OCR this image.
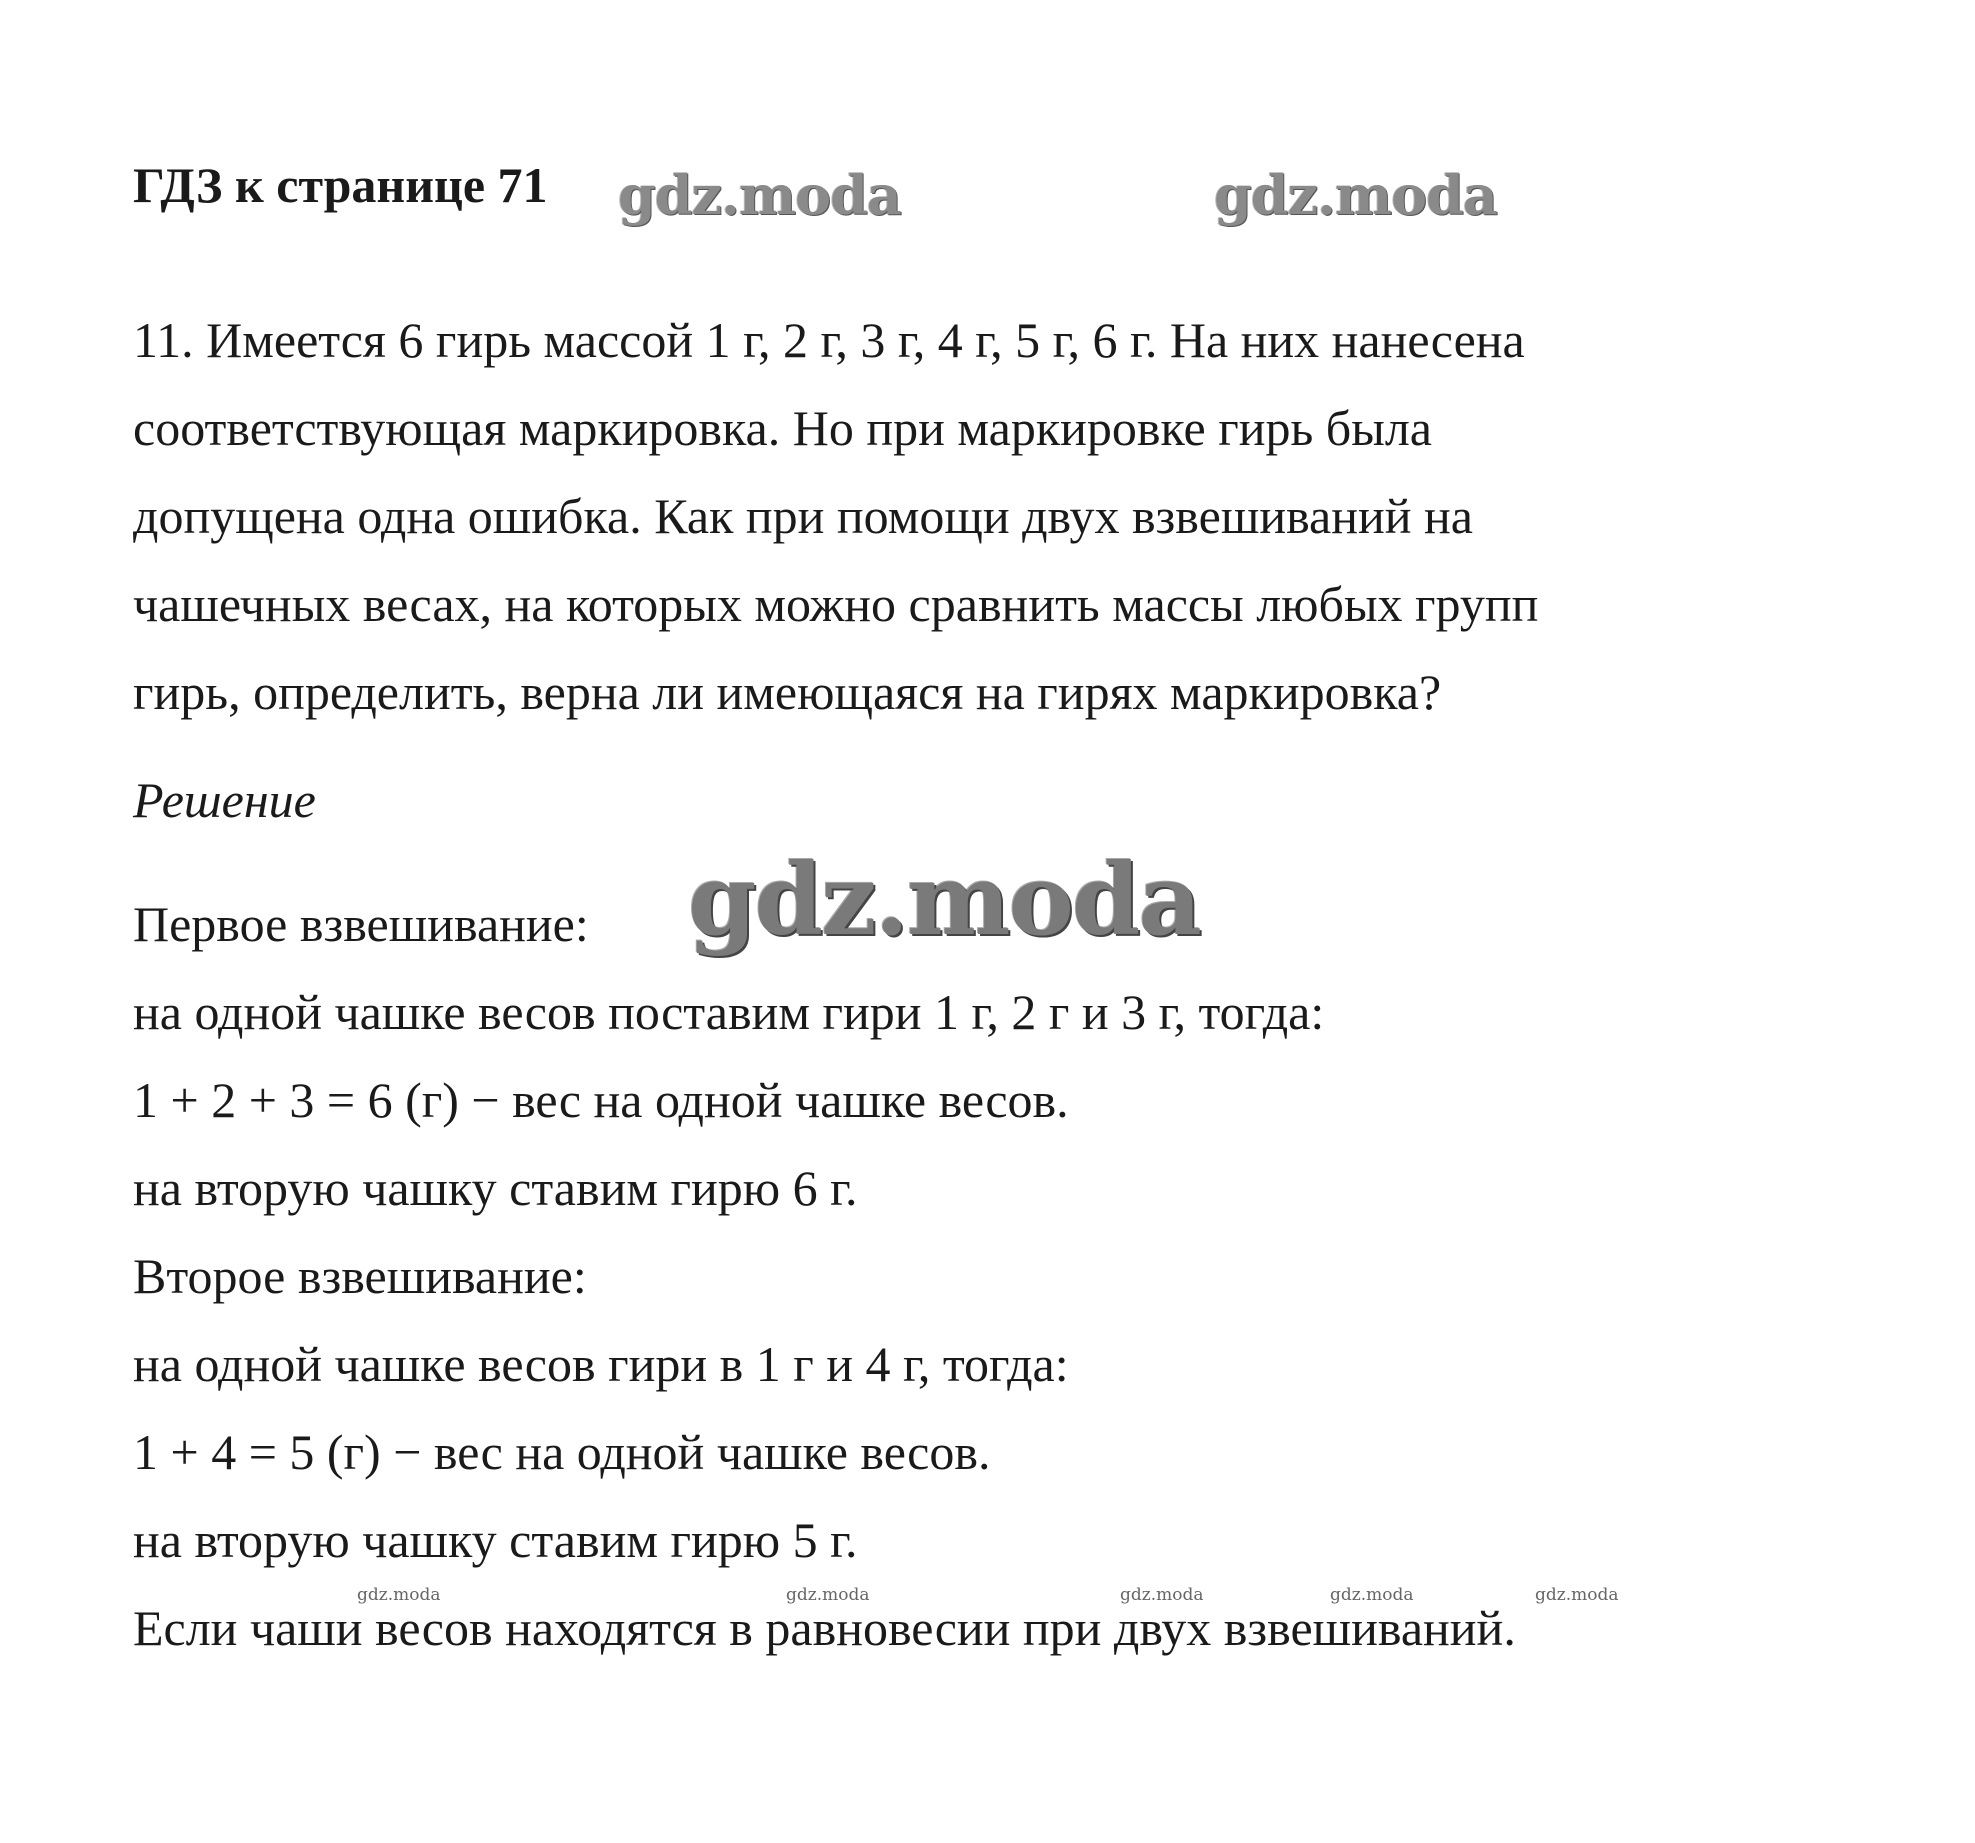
ГДЗ к странице 71 gdz.moda	gdz.moda
gdz.moda
11. Имеется 6 гирь массой 1 г, 2 г, 3 г, 4 г, 5 г, 6 г. На них нанесена
соответствующая маркировка. Но при маркировке гирь была
допущена одна ошибка. Как при помощи двух взвешиваний на
чашечных весах, на которых можно сравнить массы любых групп
гирь, определить, верна ли имеющаяся на гирях маркировка?
Решение
Первое взвешивание:
на одной чашке весов поставим гири 1 г, 2 г и 3 г, тогда:
1 + 2 + 3 = 6 (г) − вес на одной чашке весов.
на вторую чашку ставим гирю 6 г.
Второе взвешивание:
на одной чашке весов гири в 1 г и 4 г, тогда:
1 + 4 = 5 (г) − вес на одной чашке весов.
на вторую чашку ставим гирю 5 г.
Если чаши весов находятся в равновесии при двух взвешиваний.
gdz.moda	gdz.moda	gdz.moda	gdz.moda	gdz.moda
